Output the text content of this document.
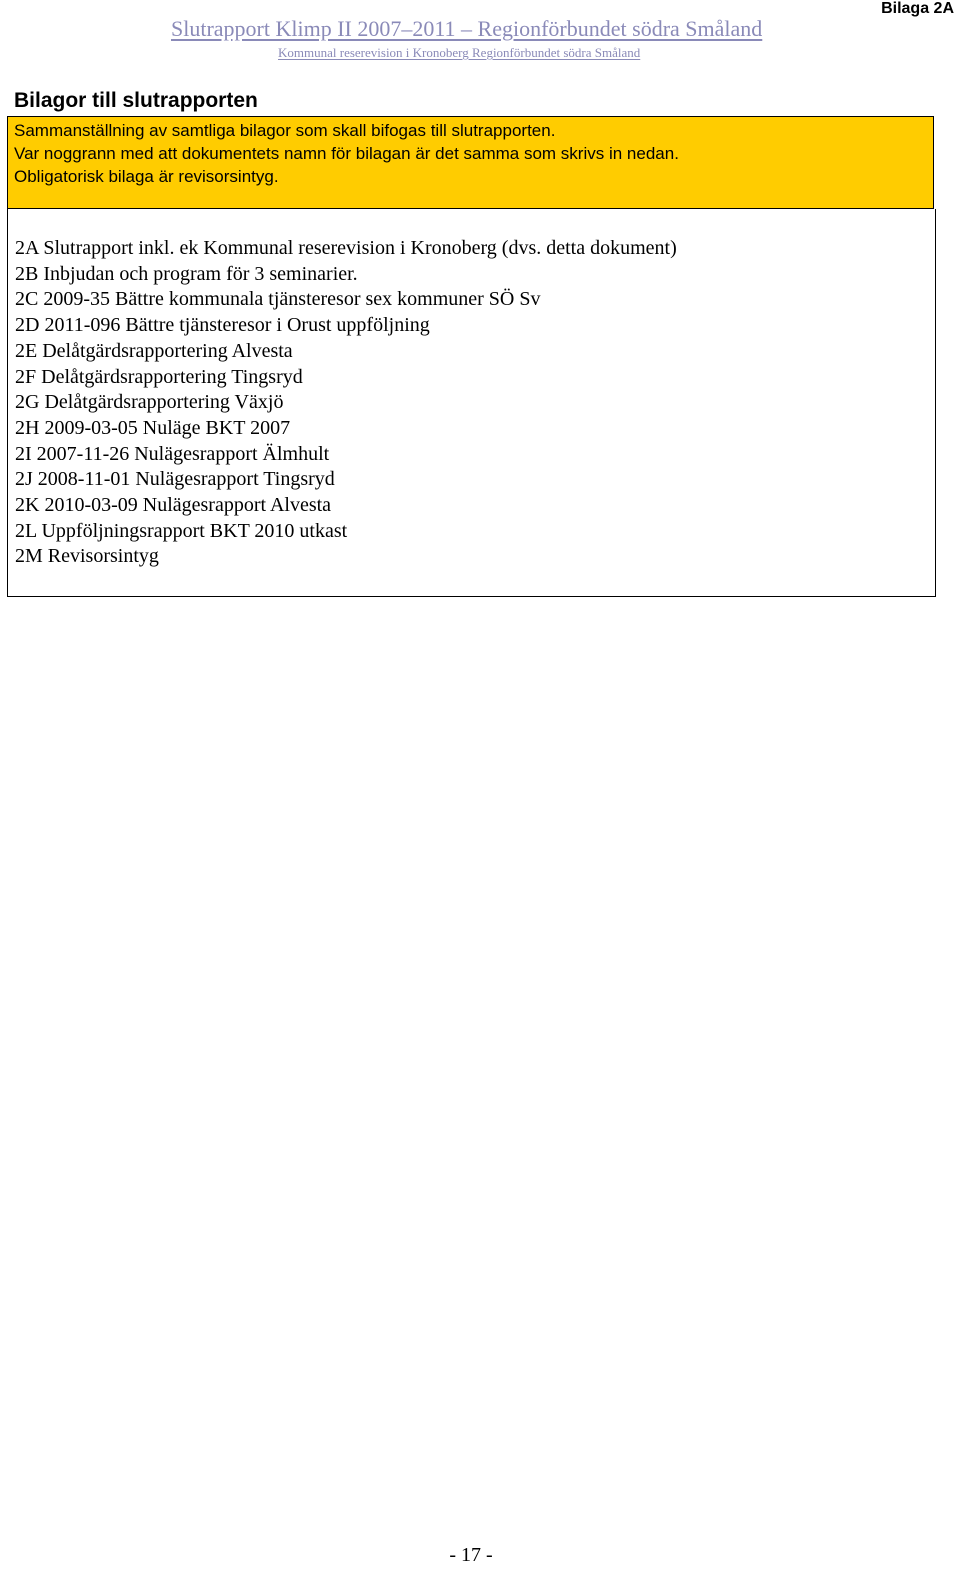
Bilaga 2A
Slutrapport Klimp II 2007–2011 – Regionförbundet södra Småland
Kommunal reserevision i Kronoberg Regionförbundet södra Småland
Bilagor till slutrapporten
Sammanställning av samtliga bilagor som skall bifogas till slutrapporten.
Var noggrann med att dokumentets namn för bilagan är det samma som skrivs in nedan.
Obligatorisk bilaga är revisorsintyg.
2A Slutrapport inkl. ek Kommunal reserevision i Kronoberg (dvs. detta dokument)
2B Inbjudan och program för 3 seminarier.
2C 2009-35 Bättre kommunala tjänsteresor sex kommuner SÖ Sv
2D 2011-096 Bättre tjänsteresor i Orust uppföljning
2E Delåtgärdsrapportering Alvesta
2F Delåtgärdsrapportering Tingsryd
2G Delåtgärdsrapportering Växjö
2H 2009-03-05 Nuläge BKT 2007
2I 2007-11-26 Nulägesrapport Älmhult
2J 2008-11-01 Nulägesrapport Tingsryd
2K 2010-03-09 Nulägesrapport Alvesta
2L Uppföljningsrapport BKT 2010 utkast
2M Revisorsintyg
- 17 -
